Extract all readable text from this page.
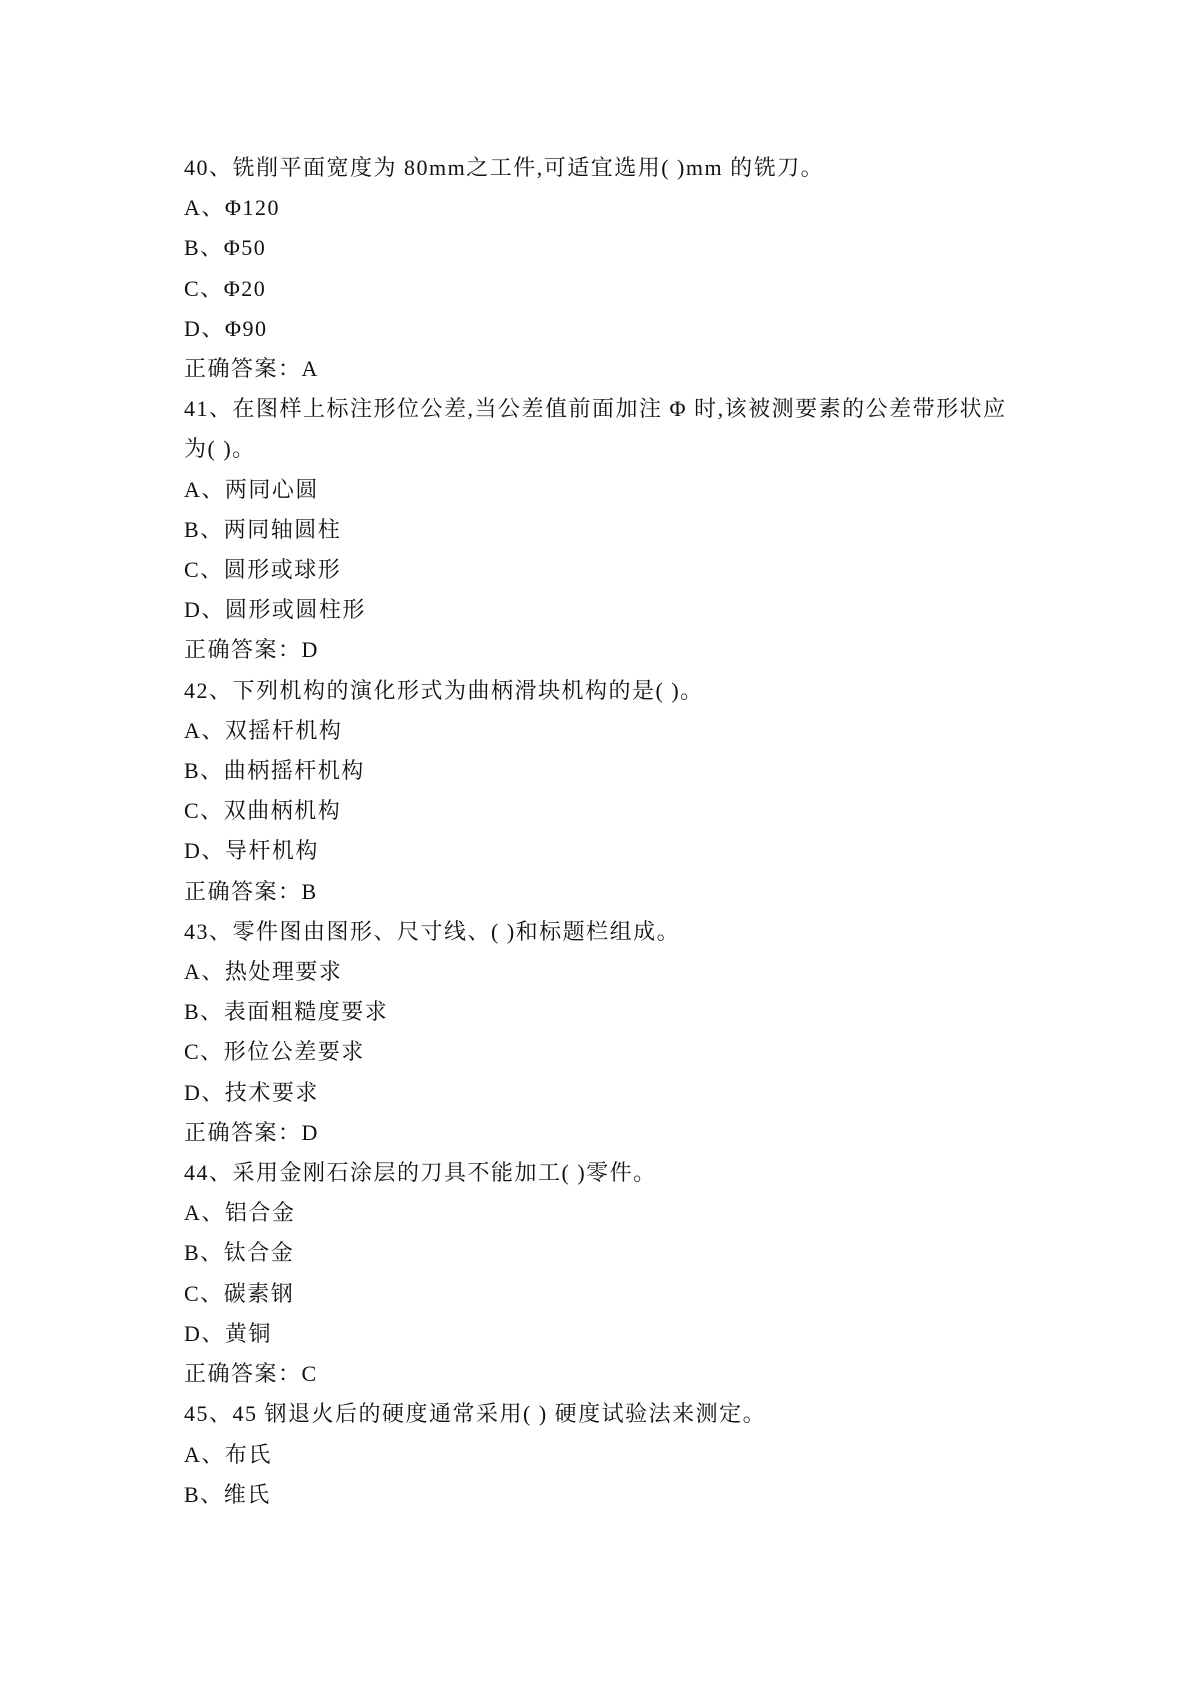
40、铣削平面宽度为 80mm之工件,可适宜选用( )mm 的铣刀。

A、Φ120

B、Φ50

C、Φ20

D、Φ90

正确答案：A

41、在图样上标注形位公差,当公差值前面加注 Φ 时,该被测要素的公差带形状应为( )。

A、两同心圆

B、两同轴圆柱

C、圆形或球形

D、圆形或圆柱形

正确答案：D

42、下列机构的演化形式为曲柄滑块机构的是( )。

A、双摇杆机构

B、曲柄摇杆机构

C、双曲柄机构

D、导杆机构

正确答案：B

43、零件图由图形、尺寸线、( )和标题栏组成。

A、热处理要求

B、表面粗糙度要求

C、形位公差要求

D、技术要求

正确答案：D

44、采用金刚石涂层的刀具不能加工( )零件。

A、铝合金

B、钛合金

C、碳素钢

D、黄铜

正确答案：C

45、45 钢退火后的硬度通常采用( ) 硬度试验法来测定。

A、布氏

B、维氏
